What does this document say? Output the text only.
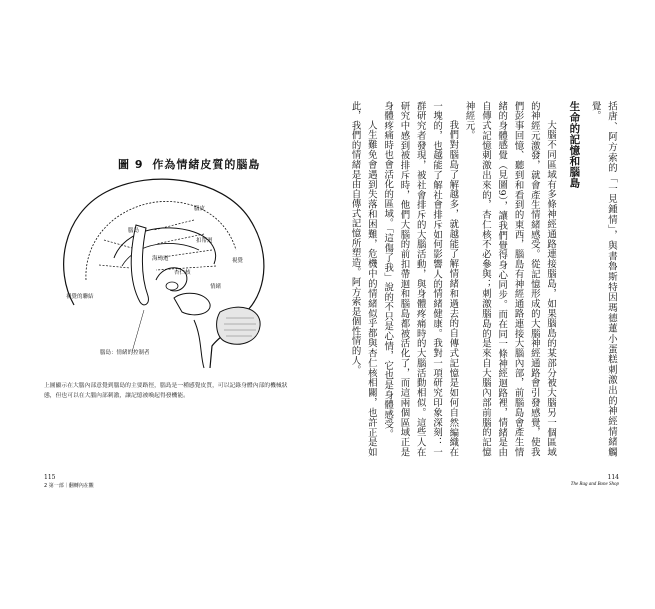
圖 9 作為情緒皮質的腦島
腦島
腦皮
海馬迴
杏仁核
視覺
情緒
視覺的聯結
扣帶迴
腦島：情緒的控制者
上圖顯示在大腦內部意覺到腦島的主要路徑，腦島是一種感覺皮質，可以記錄身體內部的機械狀態，但也可以在大腦內部刺激，讓記憶被喚起得發機能。
115
2 第一部｜翻轉內在觀

括唐、阿方索的「一見鍾情」，與書魯斯特因瑪德蓮小蛋糕刺激出的神經情緒觸覺。

生命的記憶和腦島

大腦不同區域有多條神經通路連接腦島，如果腦島的某部分被大腦另一個區域的神經元激發，就會產生情緒感受。從記憶形成的大腦神經通路會引發感覺，使我們彭事回憶、聽到和看到的東西，腦島有神經通路連接大腦內部，前腦島會產生情緒的身體感覺（見圖9），讓我們覺得身心同步。而在同一條神經迴路裡，情緒是由自傳式記憶刺激出來的，杏仁核不必參與；刺激腦島的是來自大腦內部前腦的記憶神經元。

我們對腦島了解越多，就越能了解情緒和過去的自傳式記憶是如何自然編織在一塊的，也越能了解社會排斥如何影響人的情緒健康。我對一項研究印象深刻：一群研究者發現，被社會排斥的大腦活動，與身體疼痛時的大腦活動相似。這些人在研究中感到被排斥時，他們大腦的前扣帶迴和腦島都被活化了，而這兩個區域正是身體疼痛時也會活化的區域。「這傷了我」說的不只是心情，它也是身體感受。

人生難免會遇到失落和困難，危機中的情緒似乎都與杏仁核相關，也許正是如此，我們的情緒是由自傳式記憶所塑造。阿方索是個性情的人。

114
The Rag and Bone Shop
